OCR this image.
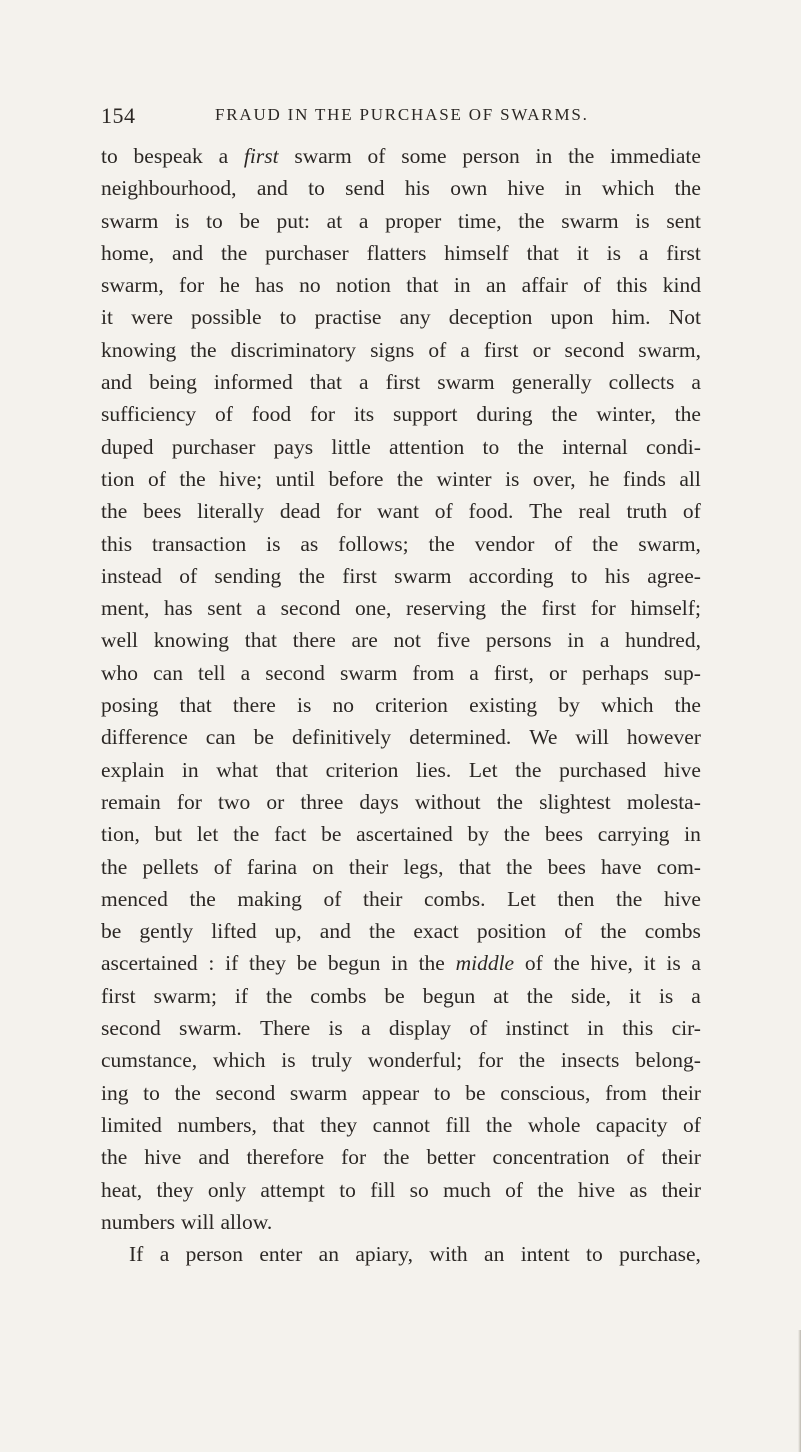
154	FRAUD IN THE PURCHASE OF SWARMS.
to bespeak a first swarm of some person in the immediate
neighbourhood, and to send his own hive in which the
swarm is to be put: at a proper time, the swarm is sent
home, and the purchaser flatters himself that it is a first
swarm, for he has no notion that in an affair of this kind
it were possible to practise any deception upon him. Not
knowing the discriminatory signs of a first or second swarm,
and being informed that a first swarm generally collects a
sufficiency of food for its support during the winter, the
duped purchaser pays little attention to the internal condi-
tion of the hive; until before the winter is over, he finds all
the bees literally dead for want of food. The real truth of
this transaction is as follows; the vendor of the swarm,
instead of sending the first swarm according to his agree-
ment, has sent a second one, reserving the first for himself;
well knowing that there are not five persons in a hundred,
who can tell a second swarm from a first, or perhaps sup-
posing that there is no criterion existing by which the
difference can be definitively determined. We will however
explain in what that criterion lies. Let the purchased hive
remain for two or three days without the slightest molesta-
tion, but let the fact be ascertained by the bees carrying in
the pellets of farina on their legs, that the bees have com-
menced the making of their combs. Let then the hive
be gently lifted up, and the exact position of the combs
ascertained : if they be begun in the middle of the hive, it is a
first swarm; if the combs be begun at the side, it is a
second swarm. There is a display of instinct in this cir-
cumstance, which is truly wonderful; for the insects belong-
ing to the second swarm appear to be conscious, from their
limited numbers, that they cannot fill the whole capacity of
the hive and therefore for the better concentration of their
heat, they only attempt to fill so much of the hive as their
numbers will allow.
If a person enter an apiary, with an intent to purchase,
